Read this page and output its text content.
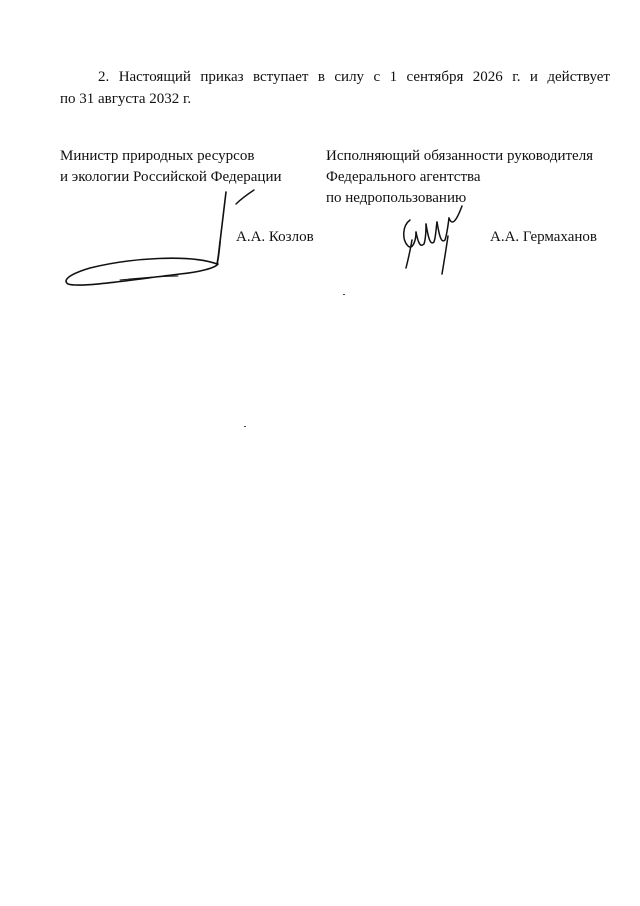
2. Настоящий приказ вступает в силу с 1 сентября 2026 г. и действует
по 31 августа 2032 г.
Министр природных ресурсов
и экологии Российской Федерации
Исполняющий обязанности руководителя
Федерального агентства
по недропользованию
А.А. Козлов	А.А. Гермаханов
